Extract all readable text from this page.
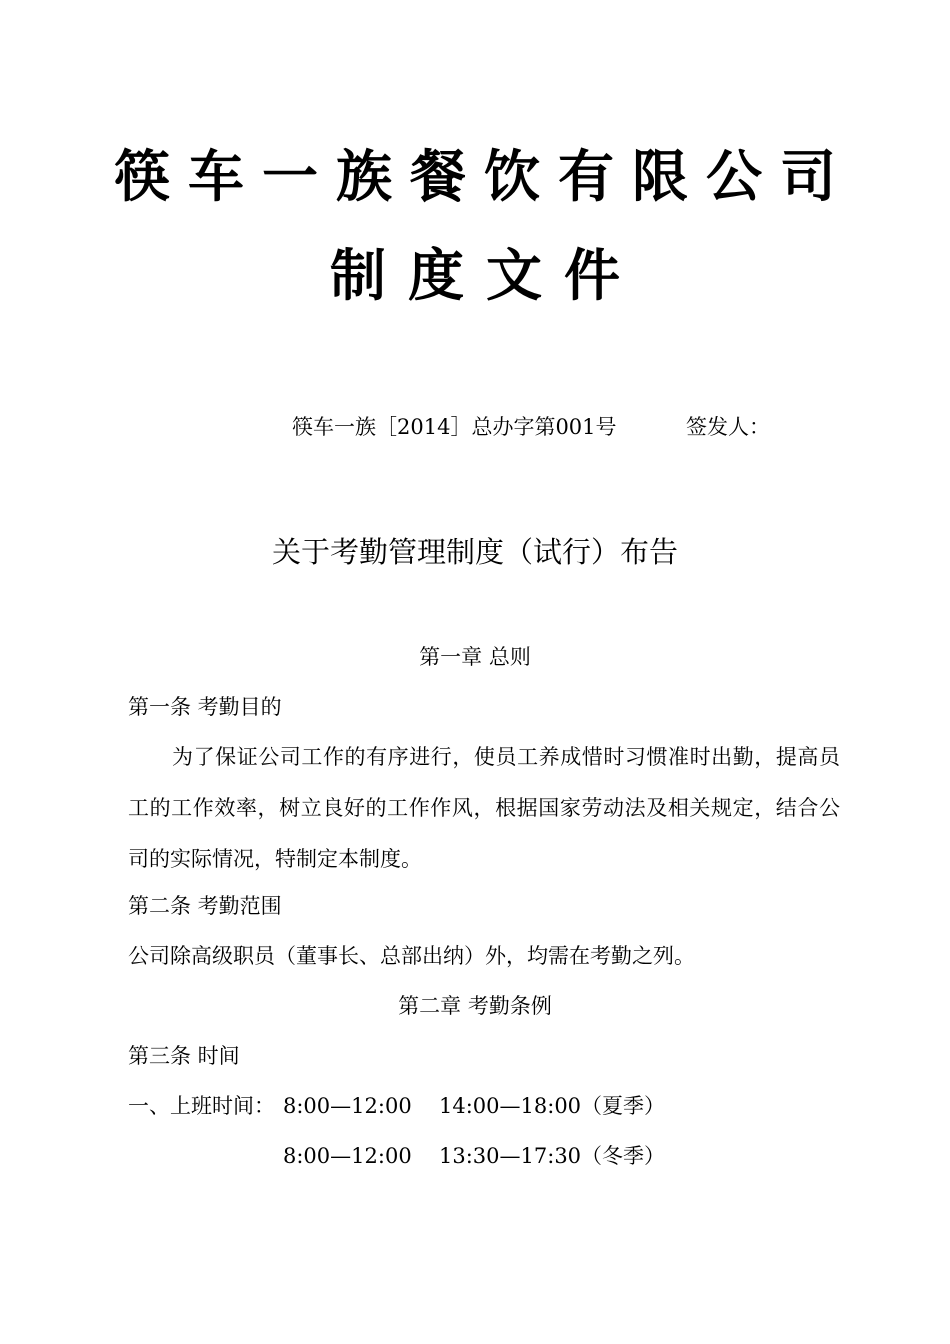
筷车一族餐饮有限公司
制度文件
筷车一族［2014］总办字第001号	签发人：
关于考勤管理制度（试行）布告
第一章 总则
第一条 考勤目的
为了保证公司工作的有序进行，使员工养成惜时习惯准时出勤，提高员工的工作效率，树立良好的工作作风，根据国家劳动法及相关规定，结合公司的实际情况，特制定本制度。
第二条 考勤范围
公司除高级职员（董事长、总部出纳）外，均需在考勤之列。
第二章 考勤条例
第三条 时间
一、上班时间： 8:00—12:00 14:00—18:00（夏季）
8:00—12:00 13:30—17:30（冬季）
